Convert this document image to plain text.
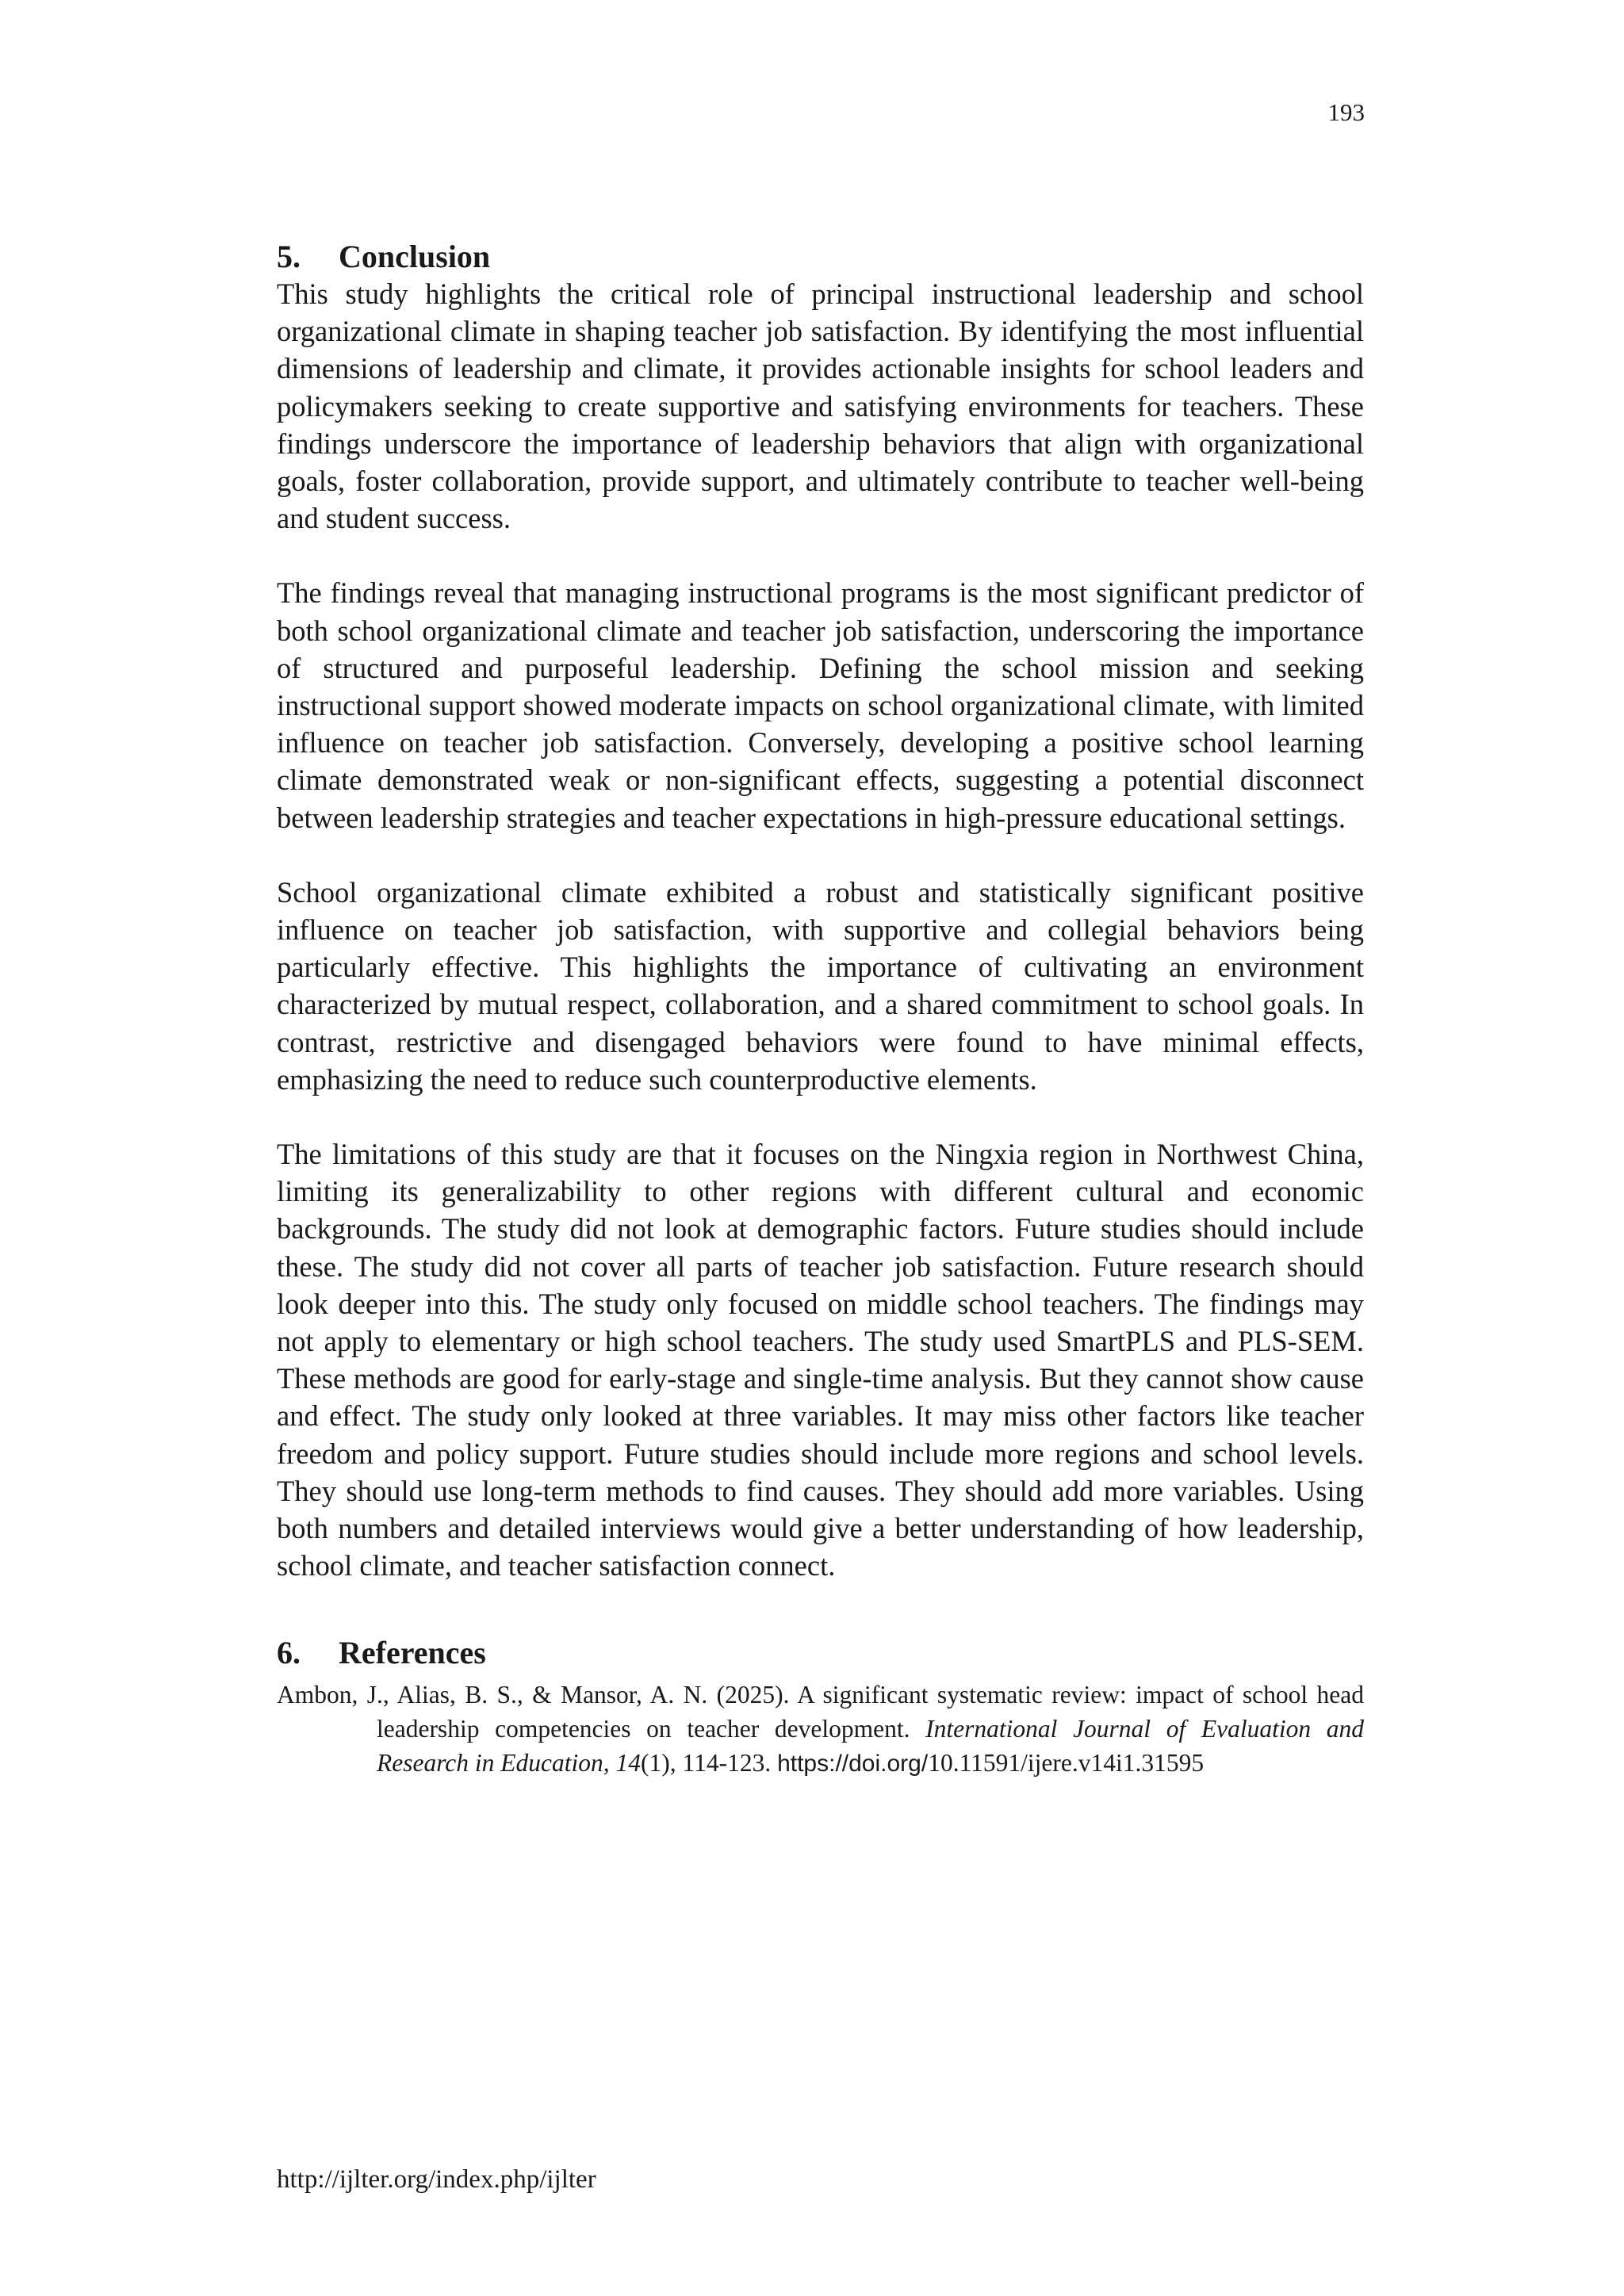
193
5. Conclusion

This study highlights the critical role of principal instructional leadership and school organizational climate in shaping teacher job satisfaction. By identifying the most influential dimensions of leadership and climate, it provides actionable insights for school leaders and policymakers seeking to create supportive and satisfying environments for teachers. These findings underscore the importance of leadership behaviors that align with organizational goals, foster collaboration, provide support, and ultimately contribute to teacher well-being and student success.

The findings reveal that managing instructional programs is the most significant predictor of both school organizational climate and teacher job satisfaction, underscoring the importance of structured and purposeful leadership. Defining the school mission and seeking instructional support showed moderate impacts on school organizational climate, with limited influence on teacher job satisfaction. Conversely, developing a positive school learning climate demonstrated weak or non-significant effects, suggesting a potential disconnect between leadership strategies and teacher expectations in high-pressure educational settings.

School organizational climate exhibited a robust and statistically significant positive influence on teacher job satisfaction, with supportive and collegial behaviors being particularly effective. This highlights the importance of cultivating an environment characterized by mutual respect, collaboration, and a shared commitment to school goals. In contrast, restrictive and disengaged behaviors were found to have minimal effects, emphasizing the need to reduce such counterproductive elements.

The limitations of this study are that it focuses on the Ningxia region in Northwest China, limiting its generalizability to other regions with different cultural and economic backgrounds. The study did not look at demographic factors. Future studies should include these. The study did not cover all parts of teacher job satisfaction. Future research should look deeper into this. The study only focused on middle school teachers. The findings may not apply to elementary or high school teachers. The study used SmartPLS and PLS-SEM. These methods are good for early-stage and single-time analysis. But they cannot show cause and effect. The study only looked at three variables. It may miss other factors like teacher freedom and policy support. Future studies should include more regions and school levels. They should use long-term methods to find causes. They should add more variables. Using both numbers and detailed interviews would give a better understanding of how leadership, school climate, and teacher satisfaction connect.

6. References

Ambon, J., Alias, B. S., & Mansor, A. N. (2025). A significant systematic review: impact of school head leadership competencies on teacher development. International Journal of Evaluation and Research in Education, 14(1), 114-123. https://doi.org/10.11591/ijere.v14i1.31595

http://ijlter.org/index.php/ijlter
